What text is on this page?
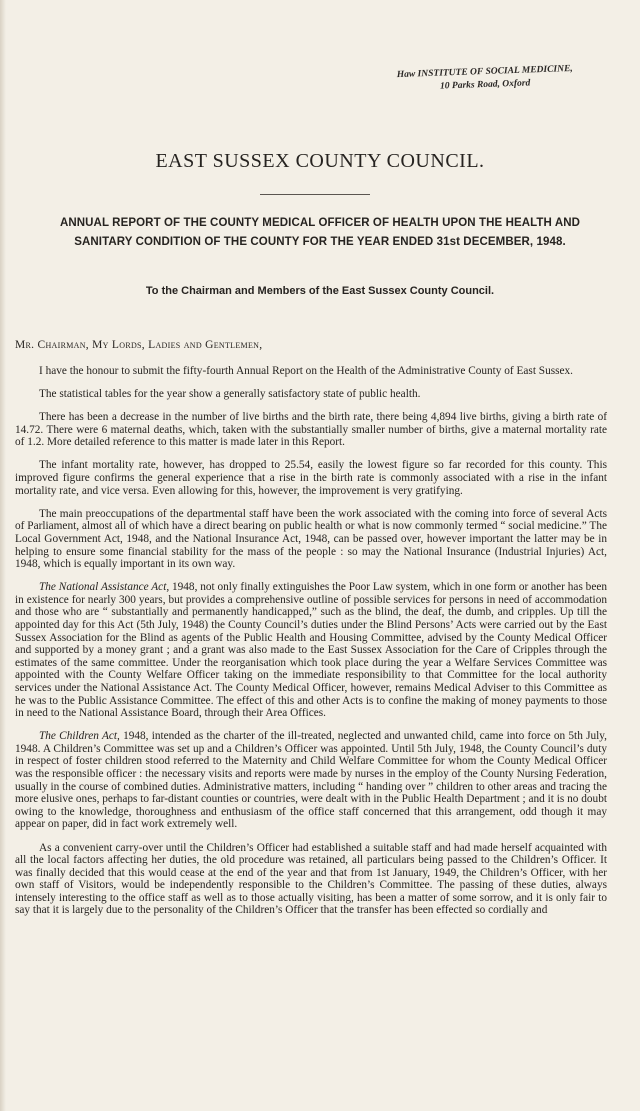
Haw INSTITUTE OF SOCIAL MEDICINE,
10 Parks Road, Oxford
EAST SUSSEX COUNTY COUNCIL.
ANNUAL REPORT OF THE COUNTY MEDICAL OFFICER OF HEALTH UPON THE HEALTH AND
SANITARY CONDITION OF THE COUNTY FOR THE YEAR ENDED 31st DECEMBER, 1948.
To the Chairman and Members of the East Sussex County Council.
Mr. Chairman, My Lords, Ladies and Gentlemen,

I have the honour to submit the fifty-fourth Annual Report on the Health of the Administrative County of East Sussex.

The statistical tables for the year show a generally satisfactory state of public health.

There has been a decrease in the number of live births and the birth rate, there being 4,894 live births, giving a birth rate of 14.72. There were 6 maternal deaths, which, taken with the substantially smaller number of births, give a maternal mortality rate of 1.2. More detailed reference to this matter is made later in this Report.

The infant mortality rate, however, has dropped to 25.54, easily the lowest figure so far recorded for this county. This improved figure confirms the general experience that a rise in the birth rate is commonly associated with a rise in the infant mortality rate, and vice versa. Even allowing for this, however, the improvement is very gratifying.

The main preoccupations of the departmental staff have been the work associated with the coming into force of several Acts of Parliament, almost all of which have a direct bearing on public health or what is now commonly termed “ social medicine.” The Local Government Act, 1948, and the National Insurance Act, 1948, can be passed over, however important the latter may be in helping to ensure some financial stability for the mass of the people : so may the National Insurance (Industrial Injuries) Act, 1948, which is equally important in its own way.

The National Assistance Act, 1948, not only finally extinguishes the Poor Law system, which in one form or another has been in existence for nearly 300 years, but provides a comprehensive outline of possible services for persons in need of accommodation and those who are “ substantially and permanently handicapped,” such as the blind, the deaf, the dumb, and cripples. Up till the appointed day for this Act (5th July, 1948) the County Council’s duties under the Blind Persons’ Acts were carried out by the East Sussex Association for the Blind as agents of the Public Health and Housing Committee, advised by the County Medical Officer and supported by a money grant ; and a grant was also made to the East Sussex Association for the Care of Cripples through the estimates of the same committee. Under the reorganisation which took place during the year a Welfare Services Committee was appointed with the County Welfare Officer taking on the immediate responsibility to that Committee for the local authority services under the National Assistance Act. The County Medical Officer, however, remains Medical Adviser to this Committee as he was to the Public Assistance Committee. The effect of this and other Acts is to confine the making of money payments to those in need to the National Assistance Board, through their Area Offices.

The Children Act, 1948, intended as the charter of the ill-treated, neglected and unwanted child, came into force on 5th July, 1948. A Children’s Committee was set up and a Children’s Officer was appointed. Until 5th July, 1948, the County Council’s duty in respect of foster children stood referred to the Maternity and Child Welfare Committee for whom the County Medical Officer was the responsible officer : the necessary visits and reports were made by nurses in the employ of the County Nursing Federation, usually in the course of combined duties. Administrative matters, including “ handing over ” children to other areas and tracing the more elusive ones, perhaps to far-distant counties or countries, were dealt with in the Public Health Department ; and it is no doubt owing to the knowledge, thoroughness and enthusiasm of the office staff concerned that this arrangement, odd though it may appear on paper, did in fact work extremely well.

As a convenient carry-over until the Children’s Officer had established a suitable staff and had made herself acquainted with all the local factors affecting her duties, the old procedure was retained, all particulars being passed to the Children’s Officer. It was finally decided that this would cease at the end of the year and that from 1st January, 1949, the Children’s Officer, with her own staff of Visitors, would be independently responsible to the Children’s Committee. The passing of these duties, always intensely interesting to the office staff as well as to those actually visiting, has been a matter of some sorrow, and it is only fair to say that it is largely due to the personality of the Children’s Officer that the transfer has been effected so cordially and
